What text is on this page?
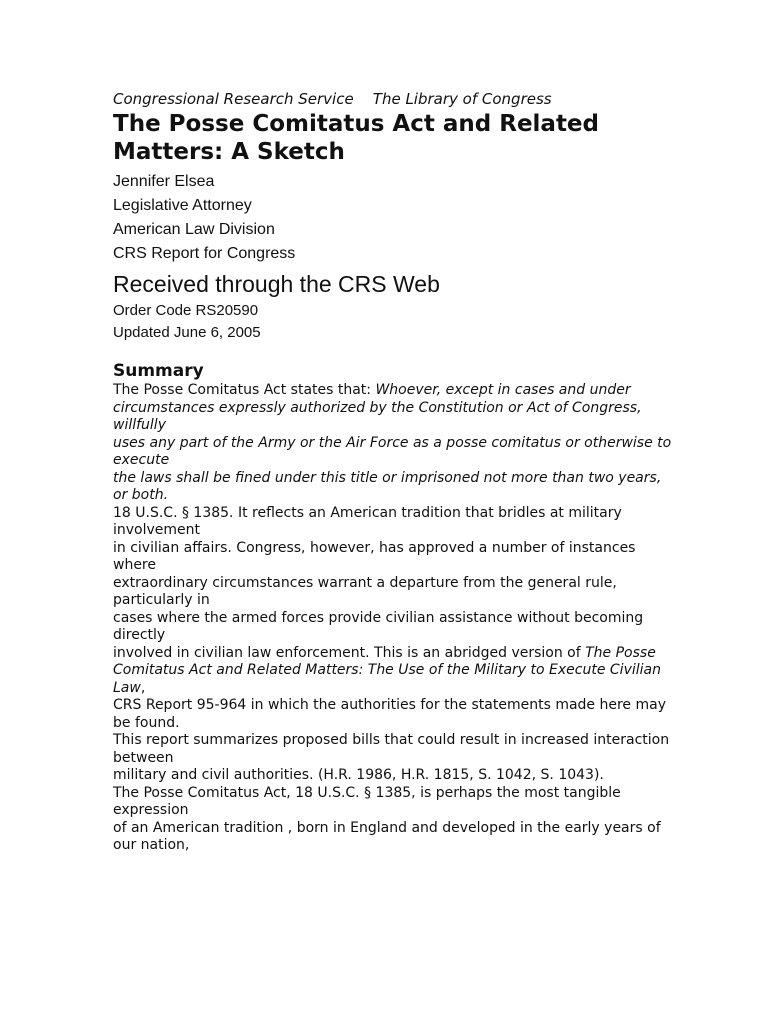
Congressional Research Service The Library of Congress

The Posse Comitatus Act and Related Matters: A Sketch

Jennifer Elsea

Legislative Attorney

American Law Division

CRS Report for Congress

Received through the CRS Web

Order Code RS20590

Updated June 6, 2005

Summary
The Posse Comitatus Act states that: Whoever, except in cases and under
circumstances expressly authorized by the Constitution or Act of Congress, willfully
uses any part of the Army or the Air Force as a posse comitatus or otherwise to execute
the laws shall be fined under this title or imprisoned not more than two years, or both.
18 U.S.C. § 1385. It reflects an American tradition that bridles at military involvement
in civilian affairs. Congress, however, has approved a number of instances where
extraordinary circumstances warrant a departure from the general rule, particularly in
cases where the armed forces provide civilian assistance without becoming directly
involved in civilian law enforcement. This is an abridged version of The Posse
Comitatus Act and Related Matters: The Use of the Military to Execute Civilian Law,
CRS Report 95-964 in which the authorities for the statements made here may be found.
This report summarizes proposed bills that could result in increased interaction between
military and civil authorities. (H.R. 1986, H.R. 1815, S. 1042, S. 1043).
The Posse Comitatus Act, 18 U.S.C. § 1385, is perhaps the most tangible expression
of an American tradition , born in England and developed in the early years of our nation,
